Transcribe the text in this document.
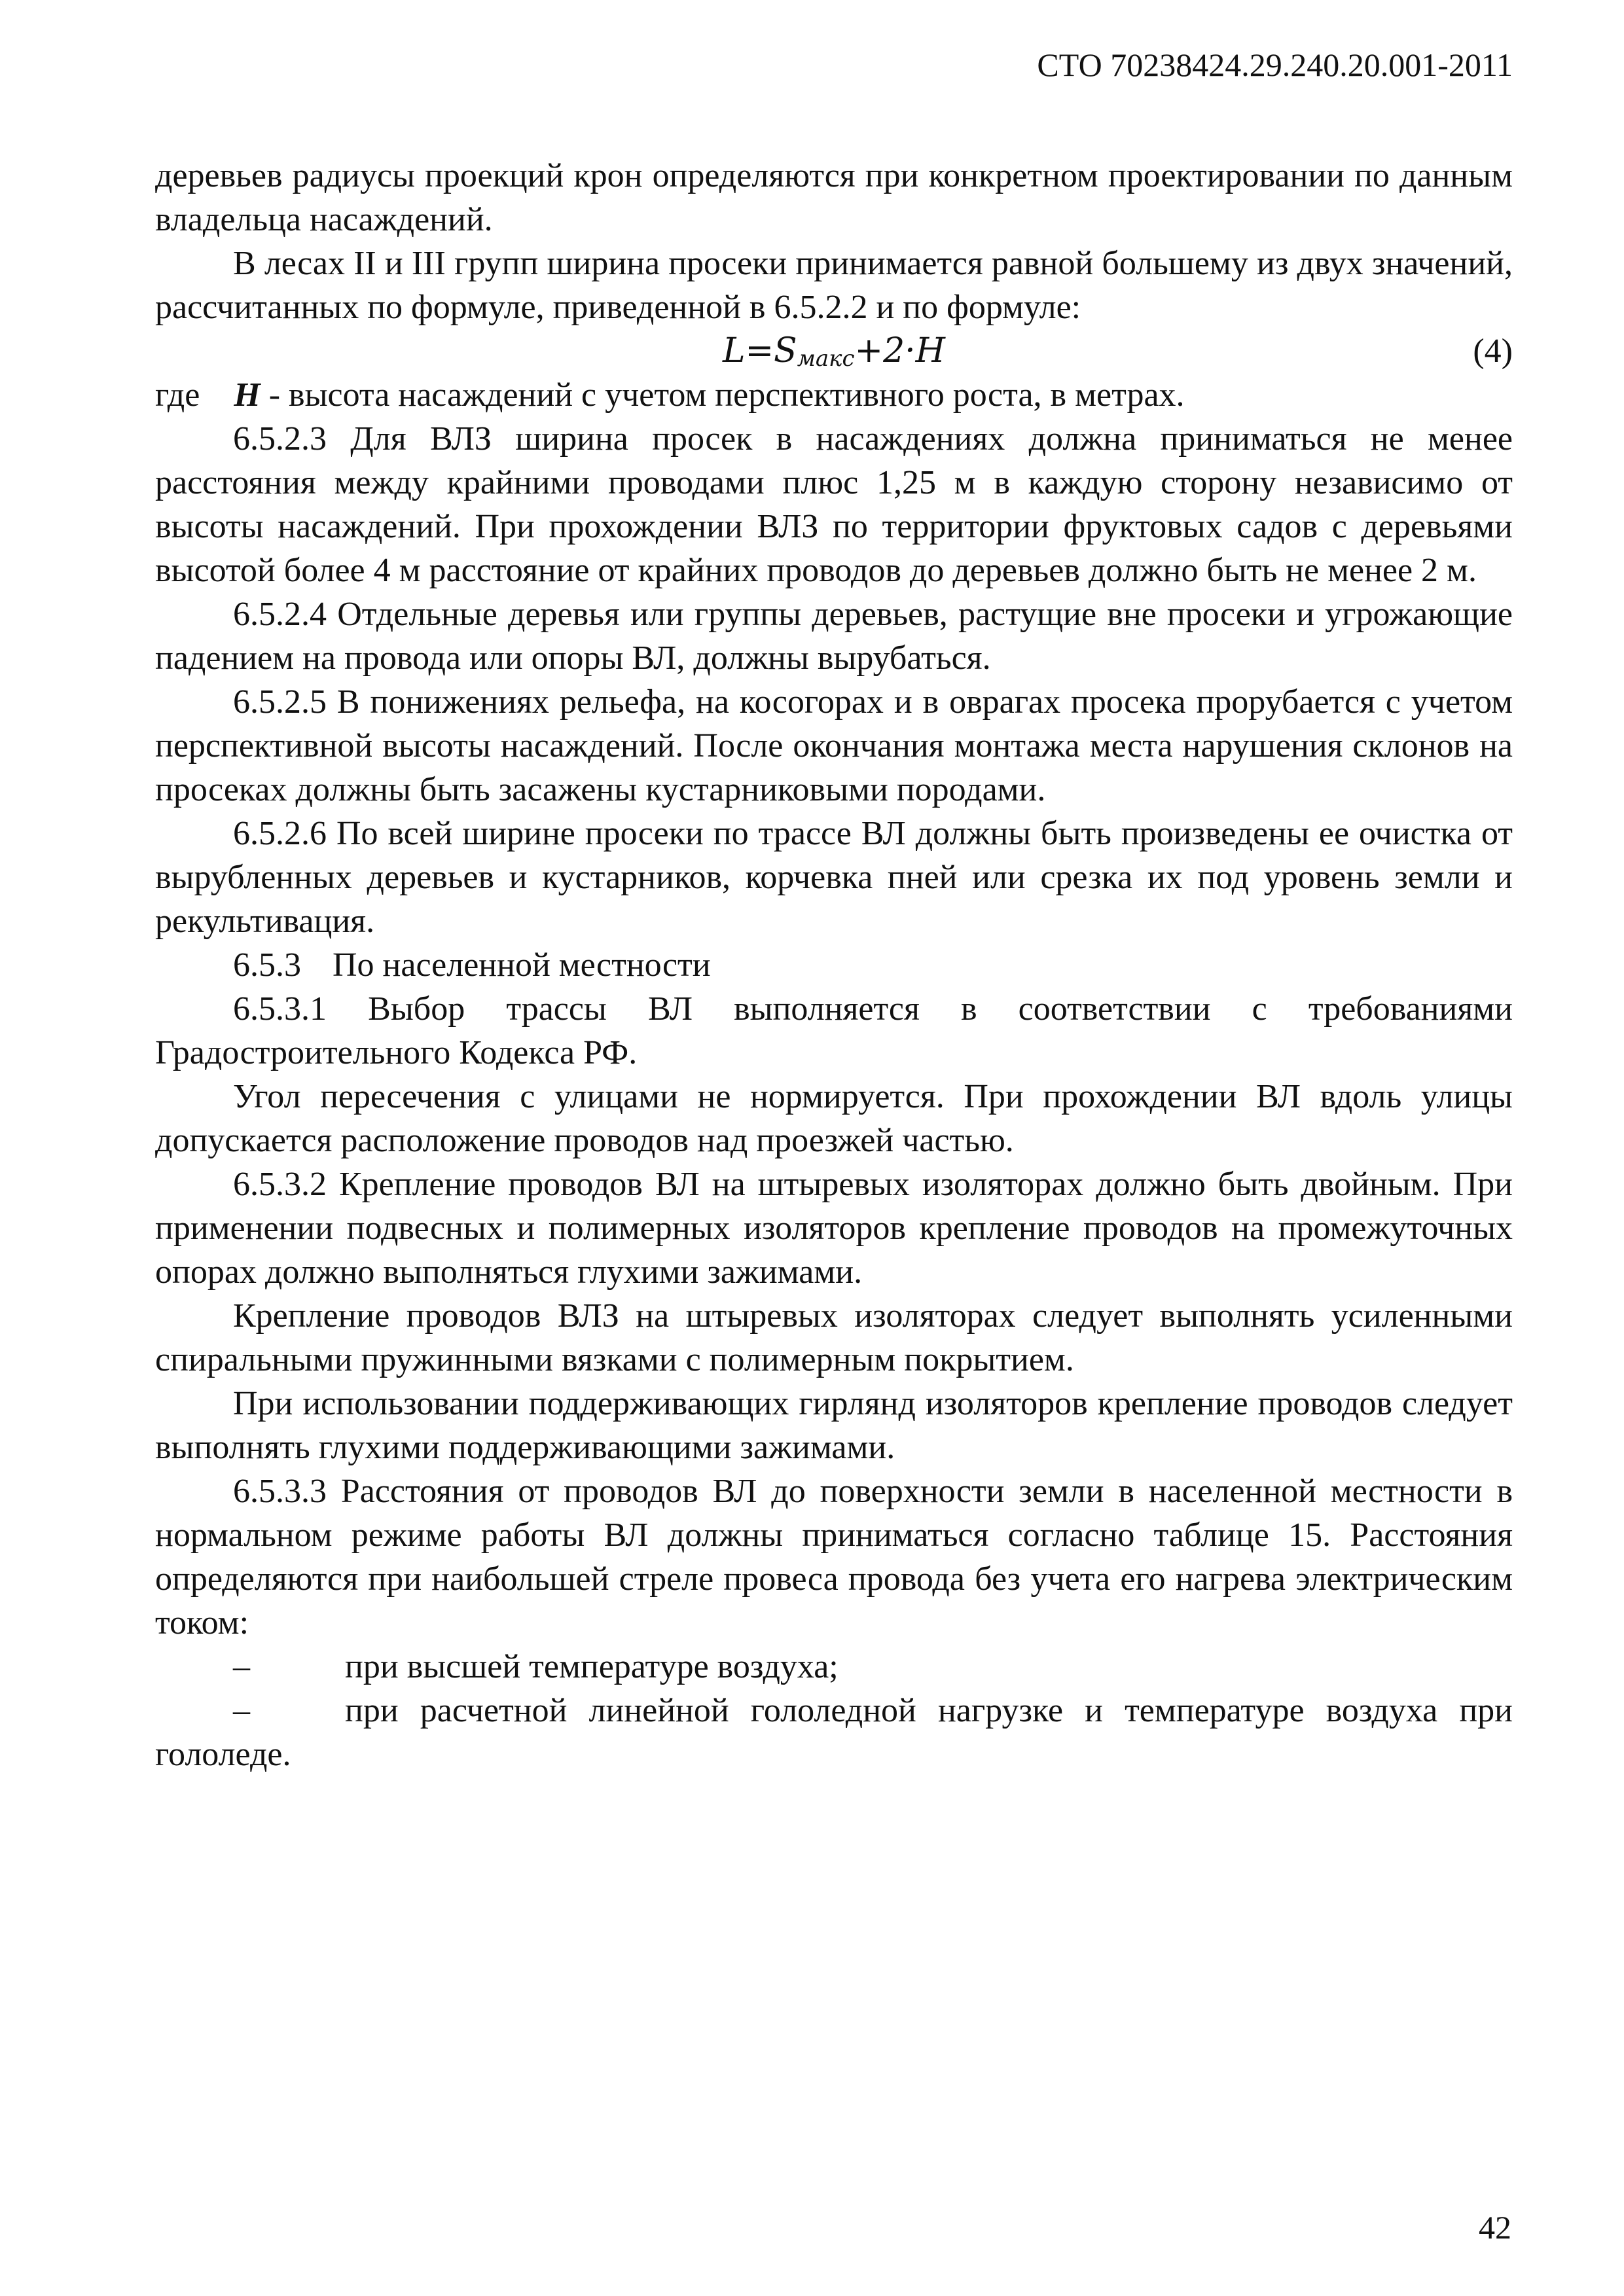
СТО 70238424.29.240.20.001-2011

деревьев радиусы проекций крон определяются при конкретном проектировании по данным владельца насаждений.

В лесах II и III групп ширина просеки принимается равной большему из двух значений, рассчитанных по формуле, приведенной в 6.5.2.2 и по формуле:

$L=S_{макс}+2\cdot H$	(4)

где H - высота насаждений с учетом перспективного роста, в метрах.

6.5.2.3 Для ВЛЗ ширина просек в насаждениях должна приниматься не менее расстояния между крайними проводами плюс 1,25 м в каждую сторону независимо от высоты насаждений. При прохождении ВЛЗ по территории фруктовых садов с деревьями высотой более 4 м расстояние от крайних проводов до деревьев должно быть не менее 2 м.

6.5.2.4 Отдельные деревья или группы деревьев, растущие вне просеки и угрожающие падением на провода или опоры ВЛ, должны вырубаться.

6.5.2.5 В понижениях рельефа, на косогорах и в оврагах просека прорубается с учетом перспективной высоты насаждений. После окончания монтажа места нарушения склонов на просеках должны быть засажены кустарниковыми породами.

6.5.2.6 По всей ширине просеки по трассе ВЛ должны быть произведены ее очистка от вырубленных деревьев и кустарников, корчевка пней или срезка их под уровень земли и рекультивация.

6.5.3 По населенной местности

6.5.3.1 Выбор трассы ВЛ выполняется в соответствии с требованиями Градостроительного Кодекса РФ.

Угол пересечения с улицами не нормируется. При прохождении ВЛ вдоль улицы допускается расположение проводов над проезжей частью.

6.5.3.2 Крепление проводов ВЛ на штыревых изоляторах должно быть двойным. При применении подвесных и полимерных изоляторов крепление проводов на промежуточных опорах должно выполняться глухими зажимами.

Крепление проводов ВЛЗ на штыревых изоляторах следует выполнять усиленными спиральными пружинными вязками с полимерным покрытием.

При использовании поддерживающих гирлянд изоляторов крепление проводов следует выполнять глухими поддерживающими зажимами.

6.5.3.3 Расстояния от проводов ВЛ до поверхности земли в населенной местности в нормальном режиме работы ВЛ должны приниматься согласно таблице 15. Расстояния определяются при наибольшей стреле провеса провода без учета его нагрева электрическим током:

–	при высшей температуре воздуха;

–	при расчетной линейной гололедной нагрузке и температуре воздуха при гололеде.

42
